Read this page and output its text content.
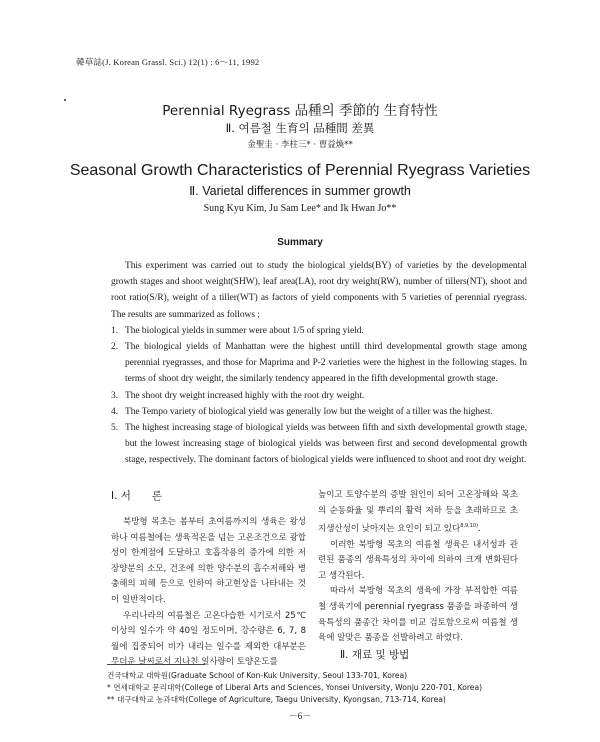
韓草誌(J. Korean Grassl. Sci.) 12(1) : 6～11, 1992
Perennial Ryegrass 品種의 季節的 生育特性
Ⅱ. 여름철 生育의 品種間 差異
金聖圭 · 李柱三* · 曺益煥**
Seasonal Growth Characteristics of Perennial Ryegrass Varieties
Ⅱ. Varietal differences in summer growth
Sung Kyu Kim, Ju Sam Lee* and Ik Hwan Jo**
Summary

This experiment was carried out to study the biological yields(BY) of varieties by the developmental growth stages and shoot weight(SHW), leaf area(LA), root dry weight(RW), number of tillers(NT), shoot and root ratio(S/R), weight of a tiller(WT) as factors of yield components with 5 varieties of perennial ryegrass. The results are summarized as follows ;

1. The biological yields in summer were about 1/5 of spring yield.
2. The biological yields of Manhattan were the highest untill third developmental growth stage among perennial ryegrasses, and those for Maprima and P-2 varieties were the highest in the following stages. In terms of shoot dry weight, the similarly tendency appeared in the fifth developmental growth stage.
3. The shoot dry weight increased highly with the root dry weight.
4. The Tempo variety of biological yield was generally low but the weight of a tiller was the highest.
5. The highest increasing stage of biological yields was between fifth and sixth developmental growth stage, but the lowest increasing stage of biological yields was between first and second developmental growth stage, respectively. The dominant factors of biological yields were influenced to shoot and root dry weight.
Ⅰ. 서　　론

북방형 목초는 봄부터 초여름까지의 생육은 왕성하나 여름철에는 생육적온을 넘는 고온조건으로 광합성이 한계점에 도달하고 호흡작용의 증가에 의한 저장양분의 소모, 건조에 의한 양수분의 흡수저해와 병충해의 피해 등으로 인하여 하고현상을 나타내는 것이 일반적이다.

우리나라의 여름철은 고온다습한 시기로서 25℃ 이상의 일수가 약 40일 정도이며, 강수량은 6, 7, 8월에 집중되어 비가 내리는 일수를 제외한 대부분은 무더운 날씨로서 지나친 일사량이 토양온도를

높이고 토양수분의 증발 원인이 되어 고온장해와 목초의 순동화율 및 뿌리의 활력 저하 등을 초래하므로 초지생산성이 낮아지는 요인이 되고 있다$^{8,9,10)}$.

이러한 북방형 목초의 여름철 생육은 내서성과 관련된 품종의 생육특성의 차이에 의하여 크게 변화된다고 생각된다.

따라서 북방형 목초의 생육에 가장 부적합한 여름철 생육기에 perennial ryegrass 품종을 파종하여 생육특성의 품종간 차이를 비교 검토함으로써 여름철 생육에 알맞은 품종을 선발하려고 하였다.

Ⅱ. 재료 및 방법
건국대학교 대학원(Graduate School of Kon-Kuk University, Seoul 133-701, Korea)
* 연세대학교 문리대학(College of Liberal Arts and Sciences, Yonsei University, Wonju 220-701, Korea)
** 대구대학교 농과대학(College of Agriculture, Taegu University, Kyongsan, 713-714, Korea)
－6－
